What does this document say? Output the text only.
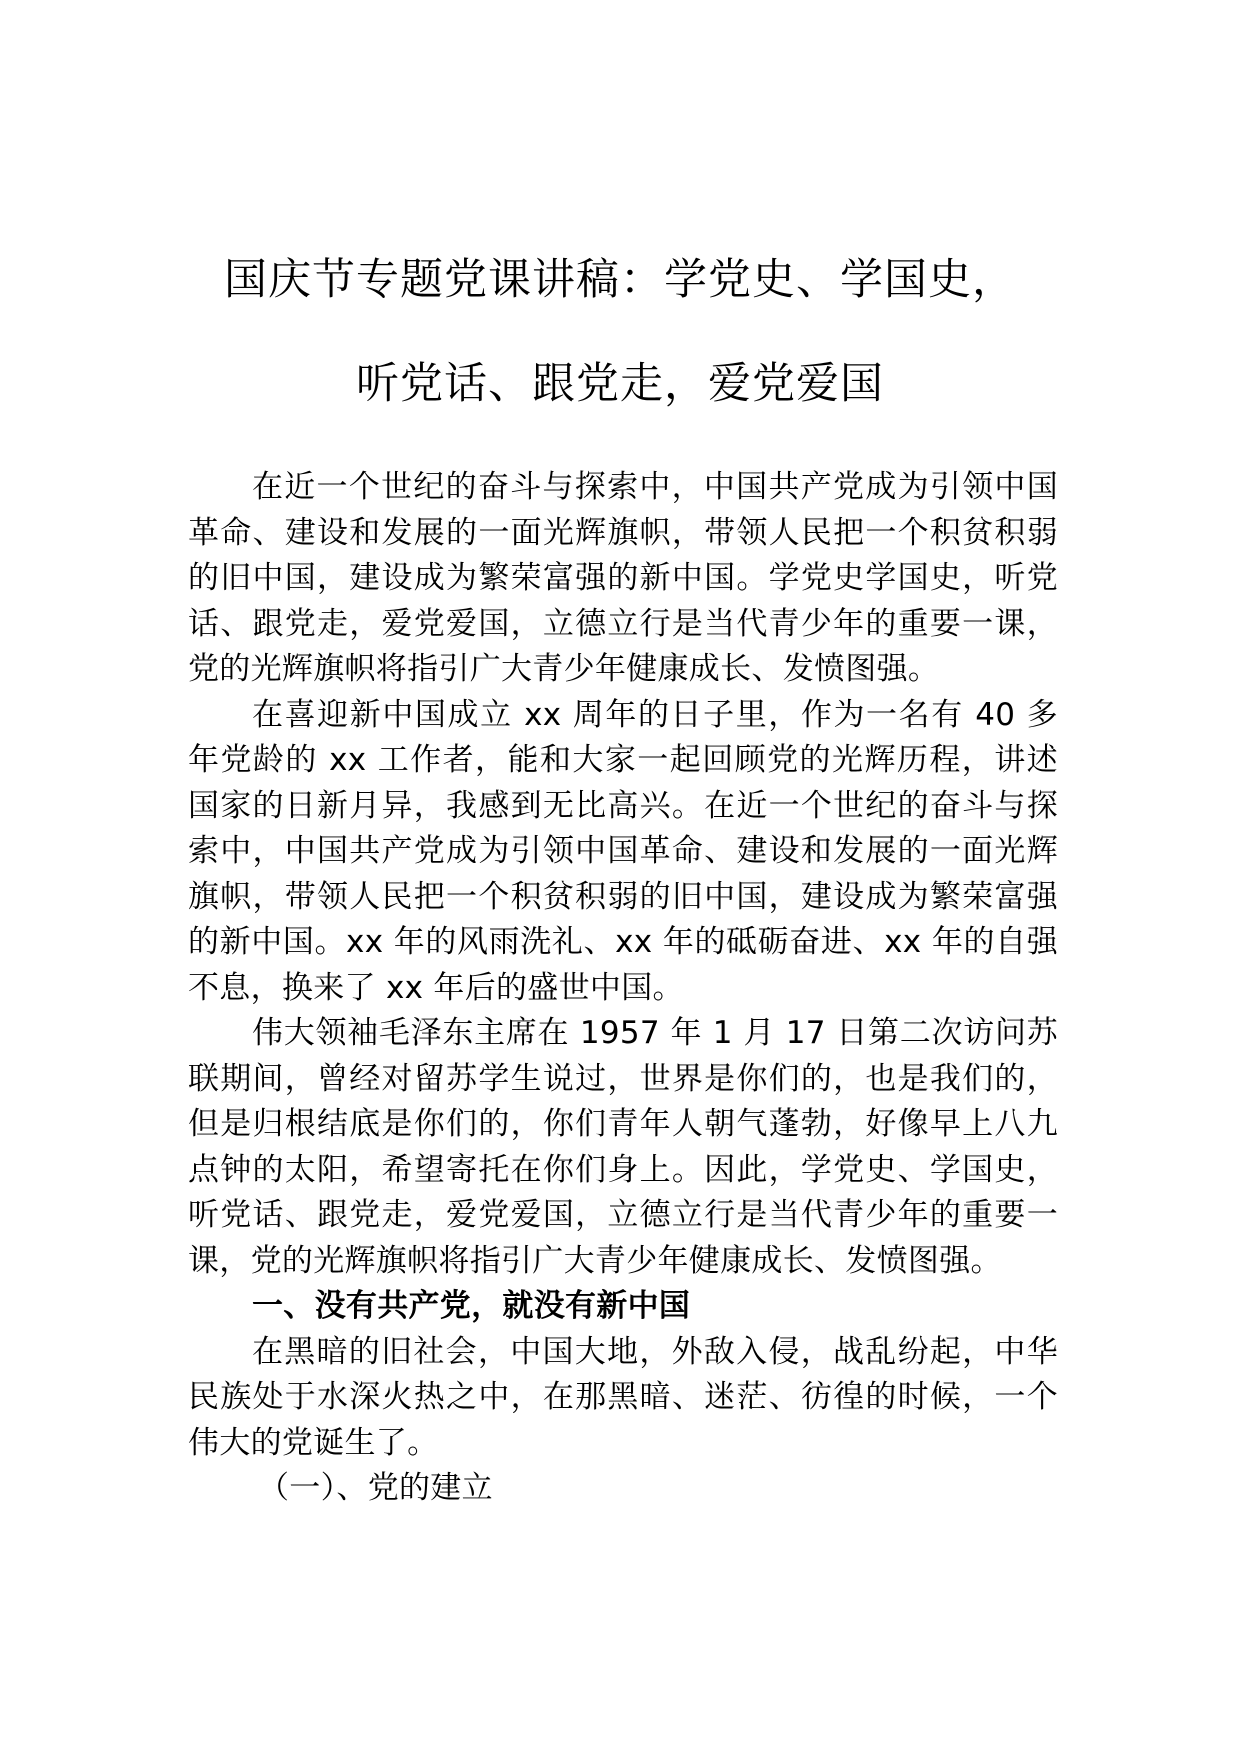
国庆节专题党课讲稿：学党史、学国史，
听党话、跟党走，爱党爱国

在近一个世纪的奋斗与探索中，中国共产党成为引领中国革命、建设和发展的一面光辉旗帜，带领人民把一个积贫积弱的旧中国，建设成为繁荣富强的新中国。学党史学国史，听党话、跟党走，爱党爱国，立德立行是当代青少年的重要一课，党的光辉旗帜将指引广大青少年健康成长、发愤图强。

在喜迎新中国成立 xx 周年的日子里，作为一名有 40 多年党龄的 xx 工作者，能和大家一起回顾党的光辉历程，讲述国家的日新月异，我感到无比高兴。在近一个世纪的奋斗与探索中，中国共产党成为引领中国革命、建设和发展的一面光辉旗帜，带领人民把一个积贫积弱的旧中国，建设成为繁荣富强的新中国。xx 年的风雨洗礼、xx 年的砥砺奋进、xx 年的自强不息，换来了 xx 年后的盛世中国。

伟大领袖毛泽东主席在 1957 年 1 月 17 日第二次访问苏联期间，曾经对留苏学生说过，世界是你们的，也是我们的，但是归根结底是你们的，你们青年人朝气蓬勃，好像早上八九点钟的太阳，希望寄托在你们身上。因此，学党史、学国史，听党话、跟党走，爱党爱国，立德立行是当代青少年的重要一课，党的光辉旗帜将指引广大青少年健康成长、发愤图强。

一、没有共产党，就没有新中国

在黑暗的旧社会，中国大地，外敌入侵，战乱纷起，中华民族处于水深火热之中，在那黑暗、迷茫、彷徨的时候，一个伟大的党诞生了。

（一）、党的建立
